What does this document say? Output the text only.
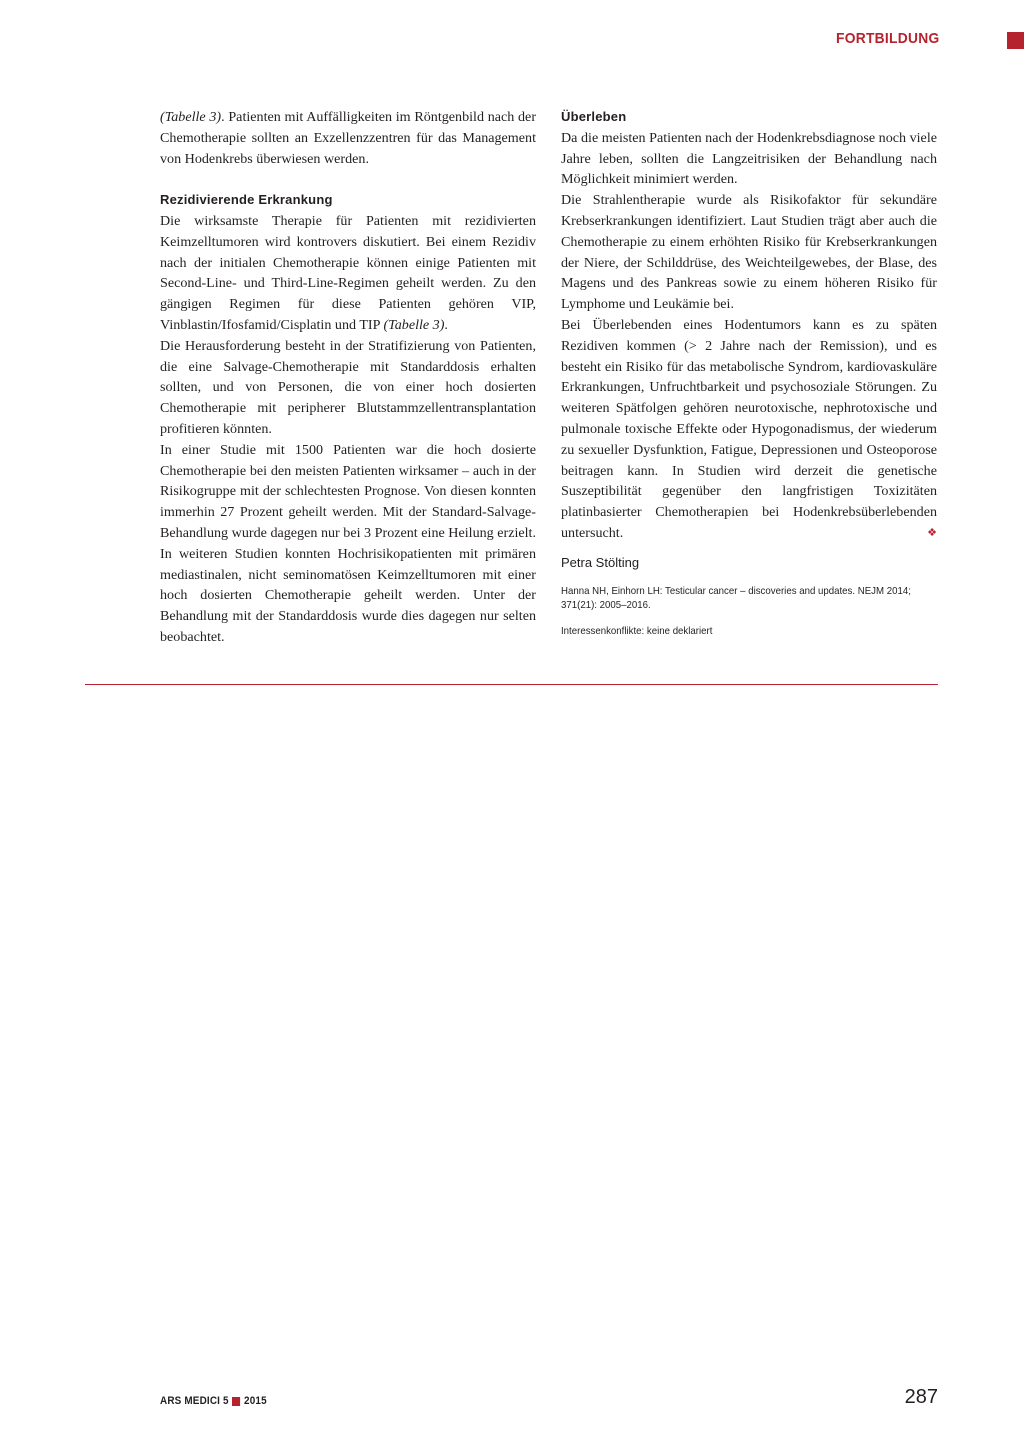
FORTBILDUNG

(Tabelle 3). Patienten mit Auffälligkeiten im Röntgenbild nach der Chemotherapie sollten an Exzellenzzentren für das Management von Hodenkrebs überwiesen werden.

Rezidivierende Erkrankung

Die wirksamste Therapie für Patienten mit rezidivierten Keimzelltumoren wird kontrovers diskutiert. Bei einem Rezidiv nach der initialen Chemotherapie können einige Patienten mit Second-Line- und Third-Line-Regimen geheilt werden. Zu den gängigen Regimen für diese Patienten gehören VIP, Vinblastin/Ifosfamid/Cisplatin und TIP (Tabelle 3).

Die Herausforderung besteht in der Stratifizierung von Patienten, die eine Salvage-Chemotherapie mit Standarddosis erhalten sollten, und von Personen, die von einer hoch dosierten Chemotherapie mit peripherer Blutstammzellentransplantation profitieren könnten.

In einer Studie mit 1500 Patienten war die hoch dosierte Chemotherapie bei den meisten Patienten wirksamer – auch in der Risikogruppe mit der schlechtesten Prognose. Von diesen konnten immerhin 27 Prozent geheilt werden. Mit der Standard-Salvage-Behandlung wurde dagegen nur bei 3 Prozent eine Heilung erzielt. In weiteren Studien konnten Hochrisikopatienten mit primären mediastinalen, nicht seminomatösen Keimzelltumoren mit einer hoch dosierten Chemotherapie geheilt werden. Unter der Behandlung mit der Standarddosis wurde dies dagegen nur selten beobachtet.

Überleben

Da die meisten Patienten nach der Hodenkrebsdiagnose noch viele Jahre leben, sollten die Langzeitrisiken der Behandlung nach Möglichkeit minimiert werden.

Die Strahlentherapie wurde als Risikofaktor für sekundäre Krebserkrankungen identifiziert. Laut Studien trägt aber auch die Chemotherapie zu einem erhöhten Risiko für Krebserkrankungen der Niere, der Schilddrüse, des Weichteilgewebes, der Blase, des Magens und des Pankreas sowie zu einem höheren Risiko für Lymphome und Leukämie bei.

Bei Überlebenden eines Hodentumors kann es zu späten Rezidiven kommen (> 2 Jahre nach der Remission), und es besteht ein Risiko für das metabolische Syndrom, kardiovaskuläre Erkrankungen, Unfruchtbarkeit und psychosoziale Störungen. Zu weiteren Spätfolgen gehören neurotoxische, nephrotoxische und pulmonale toxische Effekte oder Hypogonadismus, der wiederum zu sexueller Dysfunktion, Fatigue, Depressionen und Osteoporose beitragen kann. In Studien wird derzeit die genetische Suszeptibilität gegenüber den langfristigen Toxizitäten platinbasierter Chemotherapien bei Hodenkrebsüberlebenden untersucht.	❖

Petra Stölting
Hanna NH, Einhorn LH: Testicular cancer – discoveries and updates. NEJM 2014; 371(21): 2005–2016.
Interessenkonflikte: keine deklariert
ARS MEDICI 5 2015	287
